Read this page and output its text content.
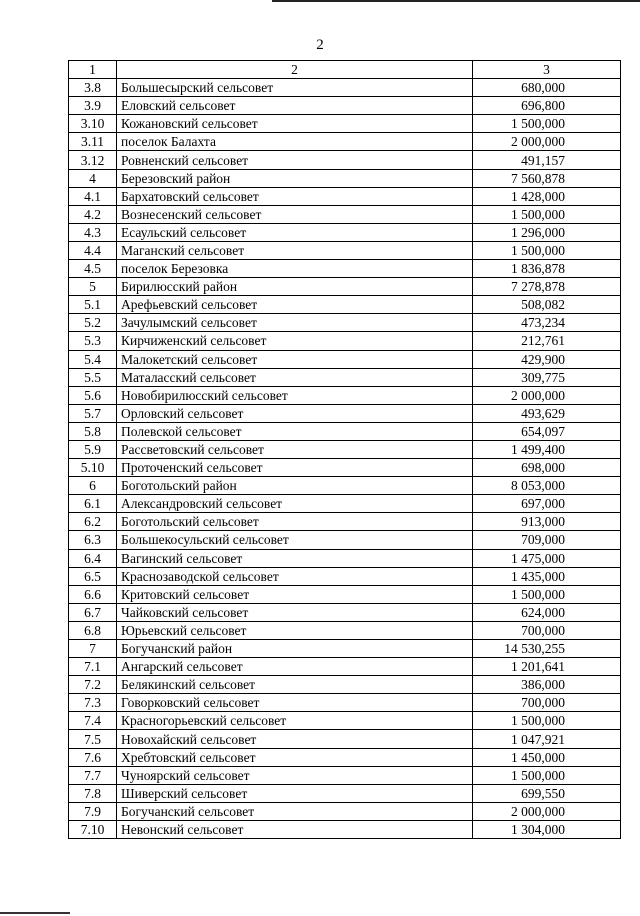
2
1	2	3
3.8	Большесырский сельсовет	680,000
3.9	Еловский сельсовет	696,800
3.10	Кожановский сельсовет	1 500,000
3.11	поселок Балахта	2 000,000
3.12	Ровненский сельсовет	491,157
4	Березовский район	7 560,878
4.1	Бархатовский сельсовет	1 428,000
4.2	Вознесенский сельсовет	1 500,000
4.3	Есаульский сельсовет	1 296,000
4.4	Маганский сельсовет	1 500,000
4.5	поселок Березовка	1 836,878
5	Бирилюсский район	7 278,878
5.1	Арефьевский сельсовет	508,082
5.2	Зачулымский сельсовет	473,234
5.3	Кирчиженский сельсовет	212,761
5.4	Малокетский сельсовет	429,900
5.5	Маталасский сельсовет	309,775
5.6	Новобирилюсский сельсовет	2 000,000
5.7	Орловский сельсовет	493,629
5.8	Полевской сельсовет	654,097
5.9	Рассветовский сельсовет	1 499,400
5.10	Проточенский сельсовет	698,000
6	Боготольский район	8 053,000
6.1	Александровский сельсовет	697,000
6.2	Боготольский сельсовет	913,000
6.3	Большекосульский сельсовет	709,000
6.4	Вагинский сельсовет	1 475,000
6.5	Краснозаводской сельсовет	1 435,000
6.6	Критовский сельсовет	1 500,000
6.7	Чайковский сельсовет	624,000
6.8	Юрьевский сельсовет	700,000
7	Богучанский район	14 530,255
7.1	Ангарский сельсовет	1 201,641
7.2	Белякинский сельсовет	386,000
7.3	Говорковский сельсовет	700,000
7.4	Красногорьевский сельсовет	1 500,000
7.5	Новохайский сельсовет	1 047,921
7.6	Хребтовский сельсовет	1 450,000
7.7	Чуноярский сельсовет	1 500,000
7.8	Шиверский сельсовет	699,550
7.9	Богучанский сельсовет	2 000,000
7.10	Невонский сельсовет	1 304,000
